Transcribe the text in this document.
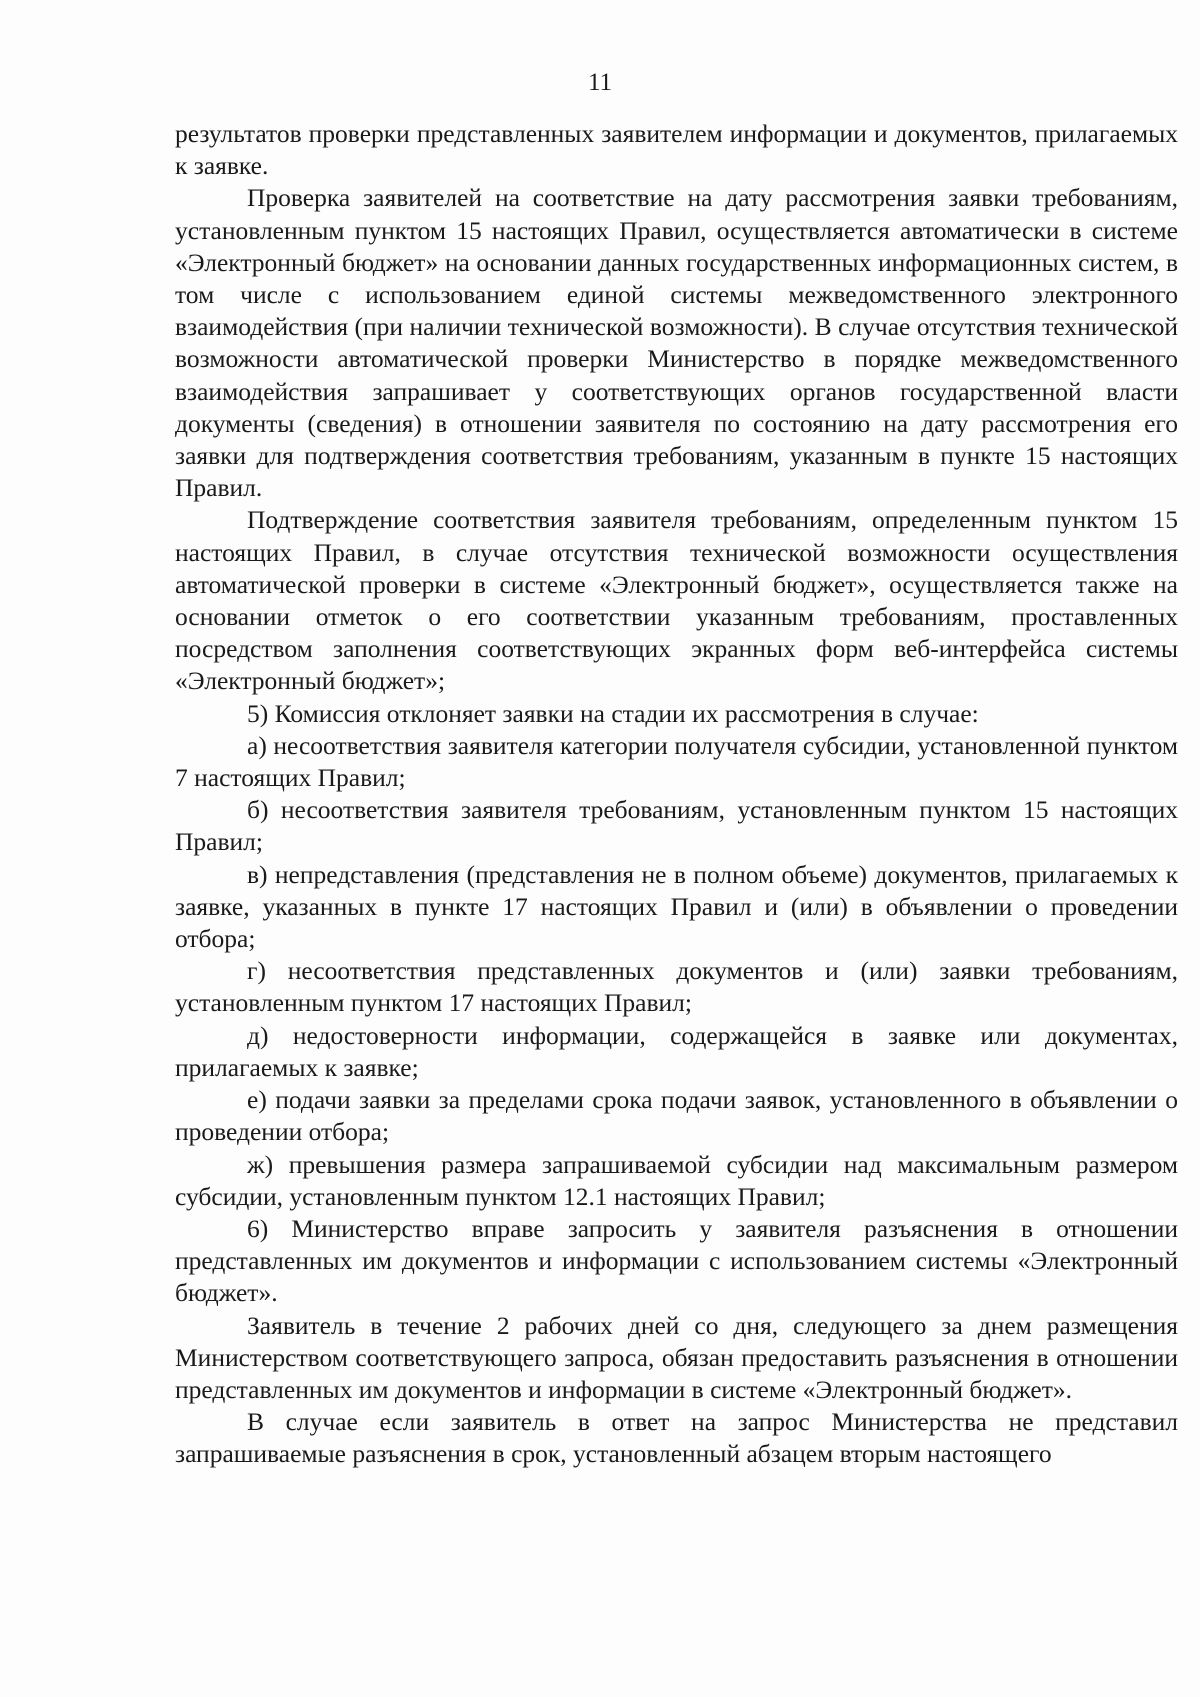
11

результатов проверки представленных заявителем информации и документов, прилагаемых к заявке.

Проверка заявителей на соответствие на дату рассмотрения заявки требованиям, установленным пунктом 15 настоящих Правил, осуществляется автоматически в системе «Электронный бюджет» на основании данных государственных информационных систем, в том числе с использованием единой системы межведомственного электронного взаимодействия (при наличии технической возможности). В случае отсутствия технической возможности автоматической проверки Министерство в порядке межведомственного взаимодействия запрашивает у соответствующих органов государственной власти документы (сведения) в отношении заявителя по состоянию на дату рассмотрения его заявки для подтверждения соответствия требованиям, указанным в пункте 15 настоящих Правил.

Подтверждение соответствия заявителя требованиям, определенным пунктом 15 настоящих Правил, в случае отсутствия технической возможности осуществления автоматической проверки в системе «Электронный бюджет», осуществляется также на основании отметок о его соответствии указанным требованиям, проставленных посредством заполнения соответствующих экранных форм веб-интерфейса системы «Электронный бюджет»;

5) Комиссия отклоняет заявки на стадии их рассмотрения в случае:

а) несоответствия заявителя категории получателя субсидии, установленной пунктом 7 настоящих Правил;

б) несоответствия заявителя требованиям, установленным пунктом 15 настоящих Правил;

в) непредставления (представления не в полном объеме) документов, прилагаемых к заявке, указанных в пункте 17 настоящих Правил и (или) в объявлении о проведении отбора;

г) несоответствия представленных документов и (или) заявки требованиям, установленным пунктом 17 настоящих Правил;

д) недостоверности информации, содержащейся в заявке или документах, прилагаемых к заявке;

е) подачи заявки за пределами срока подачи заявок, установленного в объявлении о проведении отбора;

ж) превышения размера запрашиваемой субсидии над максимальным размером субсидии, установленным пунктом 12.1 настоящих Правил;

6) Министерство вправе запросить у заявителя разъяснения в отношении представленных им документов и информации с использованием системы «Электронный бюджет».

Заявитель в течение 2 рабочих дней со дня, следующего за днем размещения Министерством соответствующего запроса, обязан предоставить разъяснения в отношении представленных им документов и информации в системе «Электронный бюджет».

В случае если заявитель в ответ на запрос Министерства не представил запрашиваемые разъяснения в срок, установленный абзацем вторым настоящего
